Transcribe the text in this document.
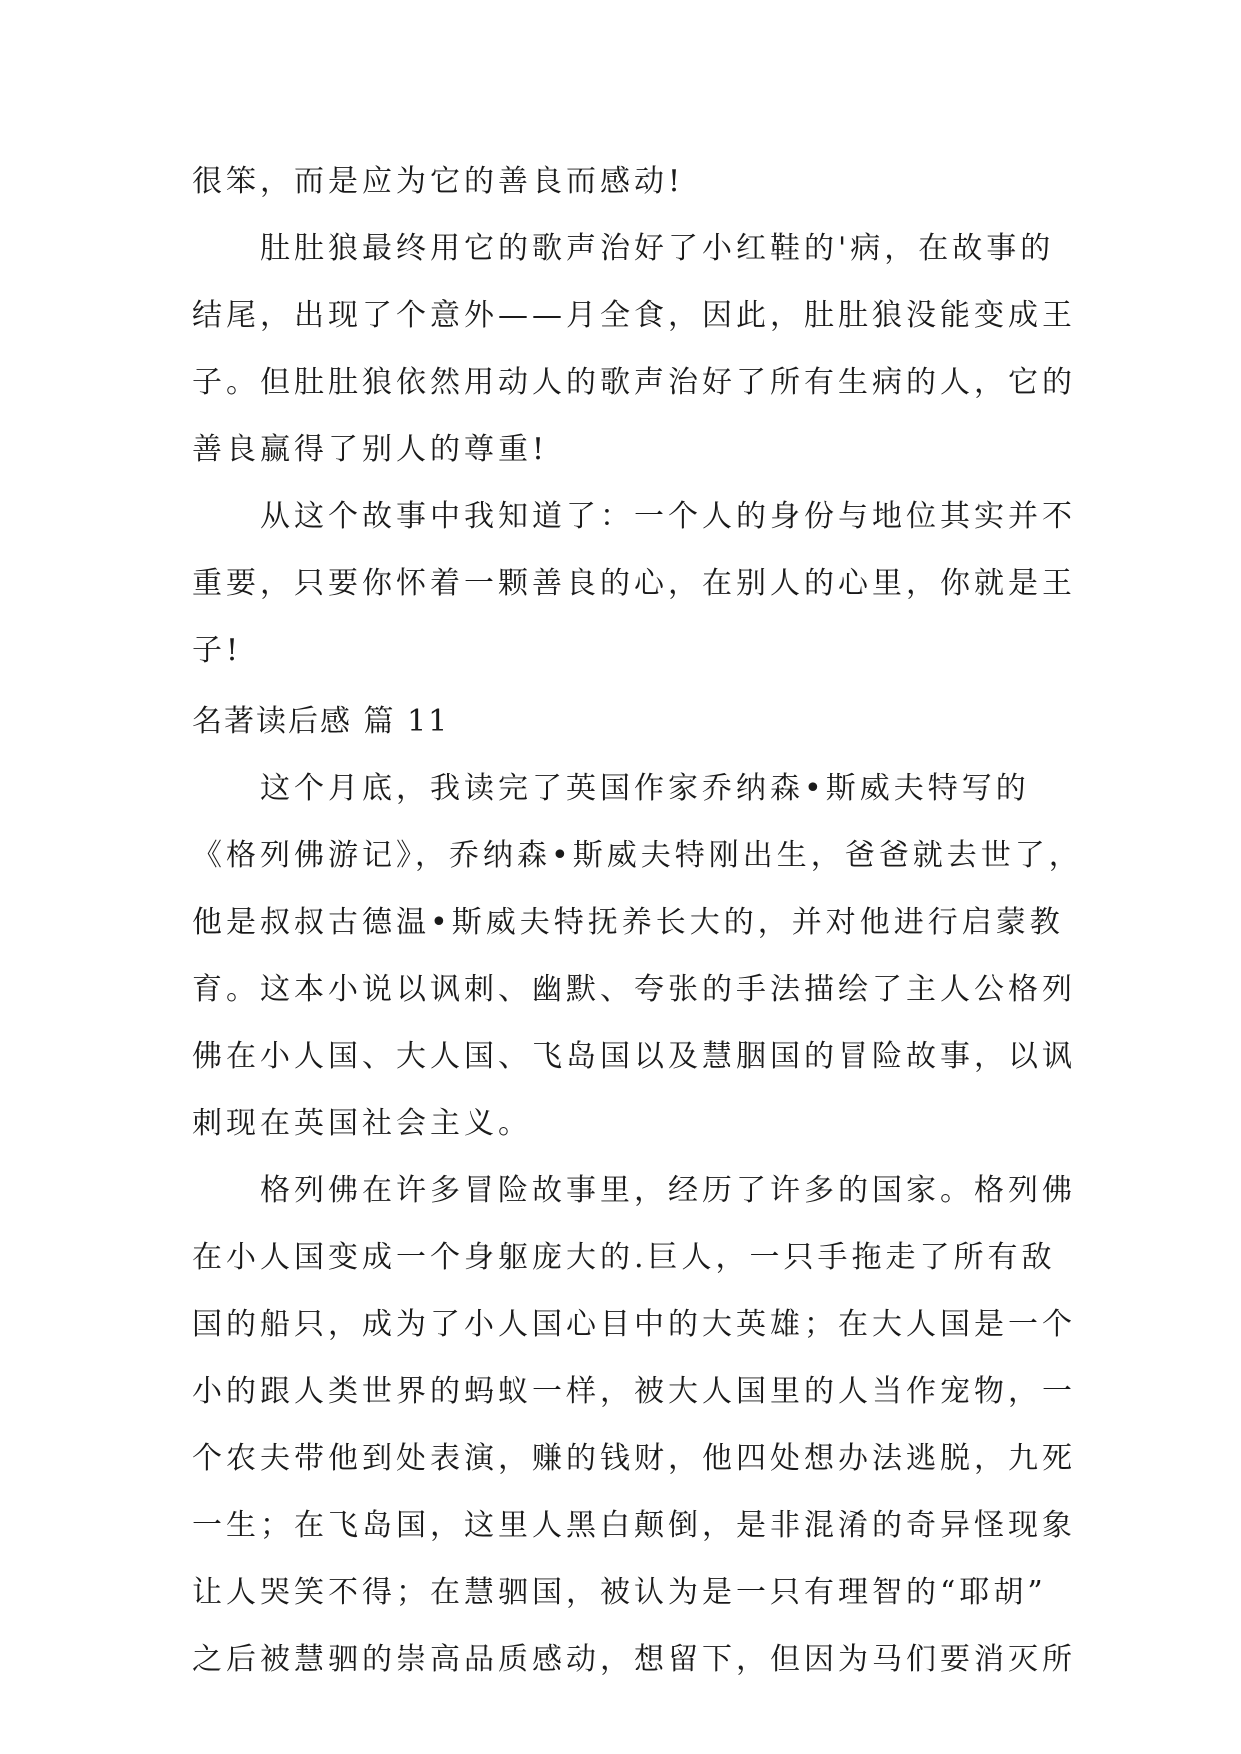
很笨，而是应为它的善良而感动!
肚肚狼最终用它的歌声治好了小红鞋的'病，在故事的
结尾，出现了个意外——月全食，因此，肚肚狼没能变成王
子。但肚肚狼依然用动人的歌声治好了所有生病的人，它的
善良赢得了别人的尊重!
从这个故事中我知道了：一个人的身份与地位其实并不
重要，只要你怀着一颗善良的心，在别人的心里，你就是王
子!
名著读后感 篇 11
这个月底，我读完了英国作家乔纳森•斯威夫特写的
《格列佛游记》，乔纳森•斯威夫特刚出生，爸爸就去世了，
他是叔叔古德温•斯威夫特抚养长大的，并对他进行启蒙教
育。这本小说以讽刺、幽默、夸张的手法描绘了主人公格列
佛在小人国、大人国、飞岛国以及慧胭国的冒险故事，以讽
刺现在英国社会主义。
格列佛在许多冒险故事里，经历了许多的国家。格列佛
在小人国变成一个身躯庞大的.巨人，一只手拖走了所有敌
国的船只，成为了小人国心目中的大英雄；在大人国是一个
小的跟人类世界的蚂蚁一样，被大人国里的人当作宠物，一
个农夫带他到处表演，赚的钱财，他四处想办法逃脱，九死
一生；在飞岛国，这里人黑白颠倒，是非混淆的奇异怪现象
让人哭笑不得；在慧驷国，被认为是一只有理智的“耶胡”
之后被慧驷的崇高品质感动，想留下，但因为马们要消灭所
